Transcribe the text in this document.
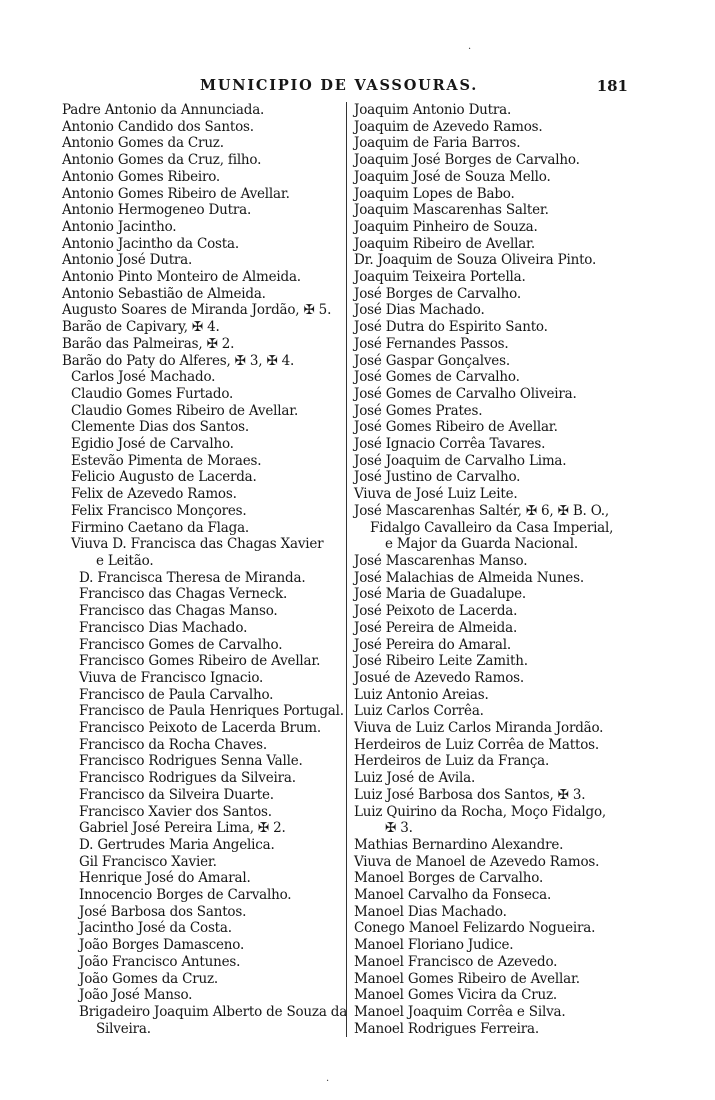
MUNICIPIO DE VASSOURAS.	181
Padre Antonio da Annunciada.
Antonio Candido dos Santos.
Antonio Gomes da Cruz.
Antonio Gomes da Cruz, filho.
Antonio Gomes Ribeiro.
Antonio Gomes Ribeiro de Avellar.
Antonio Hermogeneo Dutra.
Antonio Jacintho.
Antonio Jacintho da Costa.
Antonio José Dutra.
Antonio Pinto Monteiro de Almeida.
Antonio Sebastião de Almeida.
Augusto Soares de Miranda Jordão, ✠ 5.
Barão de Capivary, ✠ 4.
Barão das Palmeiras, ✠ 2.
Barão do Paty do Alferes, ✠ 3, ✠ 4.
Carlos José Machado.
Claudio Gomes Furtado.
Claudio Gomes Ribeiro de Avellar.
Clemente Dias dos Santos.
Egidio José de Carvalho.
Estevão Pimenta de Moraes.
Felicio Augusto de Lacerda.
Felix de Azevedo Ramos.
Felix Francisco Monçores.
Firmino Caetano da Flaga.
Viuva D. Francisca das Chagas Xavier
e Leitão.
D. Francisca Theresa de Miranda.
Francisco das Chagas Verneck.
Francisco das Chagas Manso.
Francisco Dias Machado.
Francisco Gomes de Carvalho.
Francisco Gomes Ribeiro de Avellar.
Viuva de Francisco Ignacio.
Francisco de Paula Carvalho.
Francisco de Paula Henriques Portugal.
Francisco Peixoto de Lacerda Brum.
Francisco da Rocha Chaves.
Francisco Rodrigues Senna Valle.
Francisco Rodrigues da Silveira.
Francisco da Silveira Duarte.
Francisco Xavier dos Santos.
Gabriel José Pereira Lima, ✠ 2.
D. Gertrudes Maria Angelica.
Gil Francisco Xavier.
Henrique José do Amaral.
Innocencio Borges de Carvalho.
José Barbosa dos Santos.
Jacintho José da Costa.
João Borges Damasceno.
João Francisco Antunes.
João Gomes da Cruz.
João José Manso.
Brigadeiro Joaquim Alberto de Souza da
Silveira.
Joaquim Antonio Dutra.
Joaquim de Azevedo Ramos.
Joaquim de Faria Barros.
Joaquim José Borges de Carvalho.
Joaquim José de Souza Mello.
Joaquim Lopes de Babo.
Joaquim Mascarenhas Salter.
Joaquim Pinheiro de Souza.
Joaquim Ribeiro de Avellar.
Dr. Joaquim de Souza Oliveira Pinto.
Joaquim Teixeira Portella.
José Borges de Carvalho.
José Dias Machado.
José Dutra do Espirito Santo.
José Fernandes Passos.
José Gaspar Gonçalves.
José Gomes de Carvalho.
José Gomes de Carvalho Oliveira.
José Gomes Prates.
José Gomes Ribeiro de Avellar.
José Ignacio Corrêa Tavares.
José Joaquim de Carvalho Lima.
José Justino de Carvalho.
Viuva de José Luiz Leite.
José Mascarenhas Saltér, ✠ 6, ✠ B. O.,
Fidalgo Cavalleiro da Casa Imperial,
e Major da Guarda Nacional.
José Mascarenhas Manso.
José Malachias de Almeida Nunes.
José Maria de Guadalupe.
José Peixoto de Lacerda.
José Pereira de Almeida.
José Pereira do Amaral.
José Ribeiro Leite Zamith.
Josué de Azevedo Ramos.
Luiz Antonio Areias.
Luiz Carlos Corrêa.
Viuva de Luiz Carlos Miranda Jordão.
Herdeiros de Luiz Corrêa de Mattos.
Herdeiros de Luiz da França.
Luiz José de Avila.
Luiz José Barbosa dos Santos, ✠ 3.
Luiz Quirino da Rocha, Moço Fidalgo,
✠ 3.
Mathias Bernardino Alexandre.
Viuva de Manoel de Azevedo Ramos.
Manoel Borges de Carvalho.
Manoel Carvalho da Fonseca.
Manoel Dias Machado.
Conego Manoel Felizardo Nogueira.
Manoel Floriano Judice.
Manoel Francisco de Azevedo.
Manoel Gomes Ribeiro de Avellar.
Manoel Gomes Vicira da Cruz.
Manoel Joaquim Corrêa e Silva.
Manoel Rodrigues Ferreira.
·
·
